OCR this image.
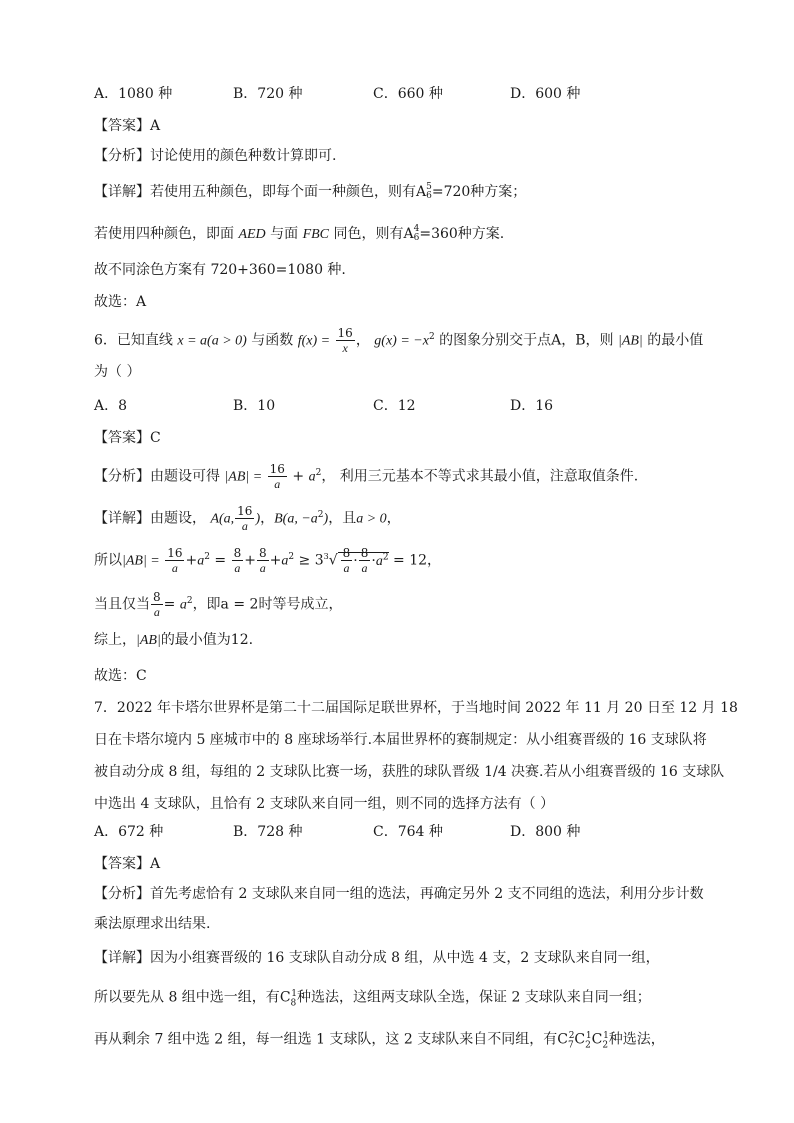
A．1080 种	B．720 种	C．660 种	D．600 种
【答案】A
【分析】讨论使用的颜色种数计算即可.
【详解】若使用五种颜色，即每个面一种颜色，则有A5
6=720种方案；
若使用四种颜色，即面 AED 与面 FBC 同色，则有A4
6=360种方案.
故不同涂色方案有 720+360=1080 种.
故选：A
6．已知直线 x = a(a > 0) 与函数 $f(x) = \frac{16}{x}$ ， $g(x) = -x^2$ 的图象分别交于点A，B，则 |AB| 的最小值
为（ ）
A．8	B．10	C．12	D．16
【答案】C
【分析】由题设可得 $|AB| = \frac{16}{a} + a^2$， 利用三元基本不等式求其最小值，注意取值条件.
【详解】由题设， A(a, $\frac{16}{a}$ )，B(a, $-a^2$)，且a > 0，
所以$|AB| = \frac{16}{a} +a^2 = \frac{8}{a} + \frac{8}{a} +a^2 \ge 3^3√ \frac{8}{a} \cdot \frac{8}{a} \cdot a^2 = 12$，
当且仅当 $\frac{8}{a} = a^2$，即a = 2时等号成立，
综上，|AB|的最小值为12.
故选：C
7．2022 年卡塔尔世界杯是第二十二届国际足联世界杯，于当地时间 2022 年 11 月 20 日至 12 月 18
日在卡塔尔境内 5 座城市中的 8 座球场举行.本届世界杯的赛制规定：从小组赛晋级的 16 支球队将
被自动分成 8 组，每组的 2 支球队比赛一场，获胜的球队晋级 1/4 决赛.若从小组赛晋级的 16 支球队
中选出 4 支球队，且恰有 2 支球队来自同一组，则不同的选择方法有（ ）
A．672 种	B．728 种	C．764 种	D．800 种
【答案】A
【分析】首先考虑恰有 2 支球队来自同一组的选法，再确定另外 2 支不同组的选法，利用分步计数
乘法原理求出结果.
【详解】因为小组赛晋级的 16 支球队自动分成 8 组，从中选 4 支，2 支球队来自同一组，
所以要先从 8 组中选一组，有$C_8^1$种选法，这组两支球队全选，保证 2 支球队来自同一组；
再从剩余 7 组中选 2 组，每一组选 1 支球队，这 2 支球队来自不同组，有$C_7^2C_2^1C_2^1$种选法，
